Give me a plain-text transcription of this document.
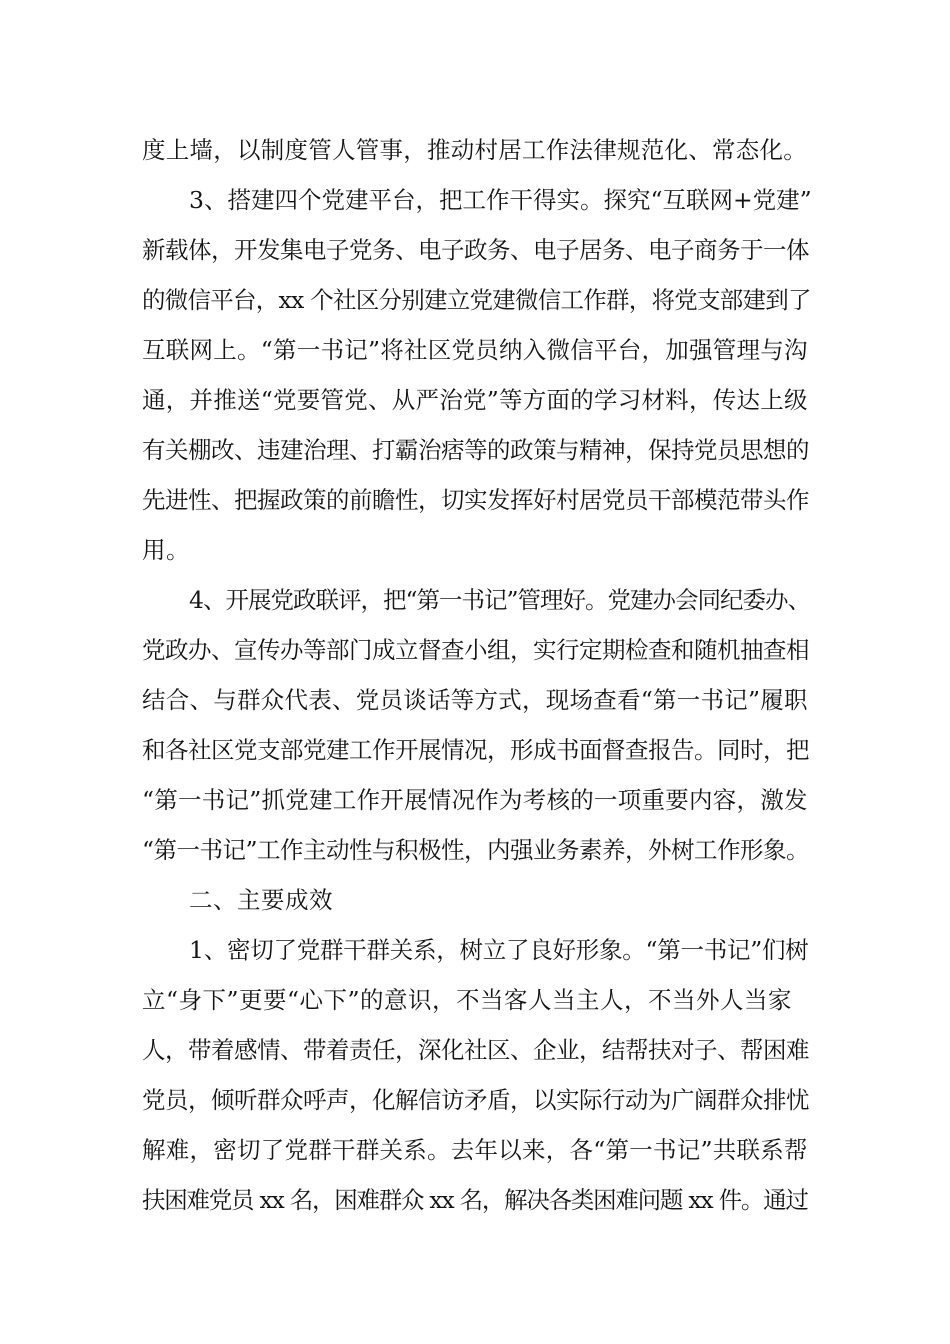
度上墙，以制度管人管事，推动村居工作法律规范化、常态化。
3、搭建四个党建平台，把工作干得实。探究“互联网+党建”
新载体，开发集电子党务、电子政务、电子居务、电子商务于一体
的微信平台，xx 个社区分别建立党建微信工作群，将党支部建到了
互联网上。“第一书记”将社区党员纳入微信平台，加强管理与沟
通，并推送“党要管党、从严治党”等方面的学习材料，传达上级
有关棚改、违建治理、打霸治痞等的政策与精神，保持党员思想的
先进性、把握政策的前瞻性，切实发挥好村居党员干部模范带头作
用。
4、开展党政联评，把“第一书记”管理好。党建办会同纪委办、
党政办、宣传办等部门成立督查小组，实行定期检查和随机抽查相
结合、与群众代表、党员谈话等方式，现场查看“第一书记”履职
和各社区党支部党建工作开展情况，形成书面督查报告。同时，把
“第一书记”抓党建工作开展情况作为考核的一项重要内容，激发
“第一书记”工作主动性与积极性，内强业务素养，外树工作形象。
二、主要成效
1、密切了党群干群关系，树立了良好形象。“第一书记”们树
立“身下”更要“心下”的意识，不当客人当主人，不当外人当家
人，带着感情、带着责任，深化社区、企业，结帮扶对子、帮困难
党员，倾听群众呼声，化解信访矛盾，以实际行动为广阔群众排忧
解难，密切了党群干群关系。去年以来，各“第一书记”共联系帮
扶困难党员 xx 名，困难群众 xx 名，解决各类困难问题 xx 件。通过
